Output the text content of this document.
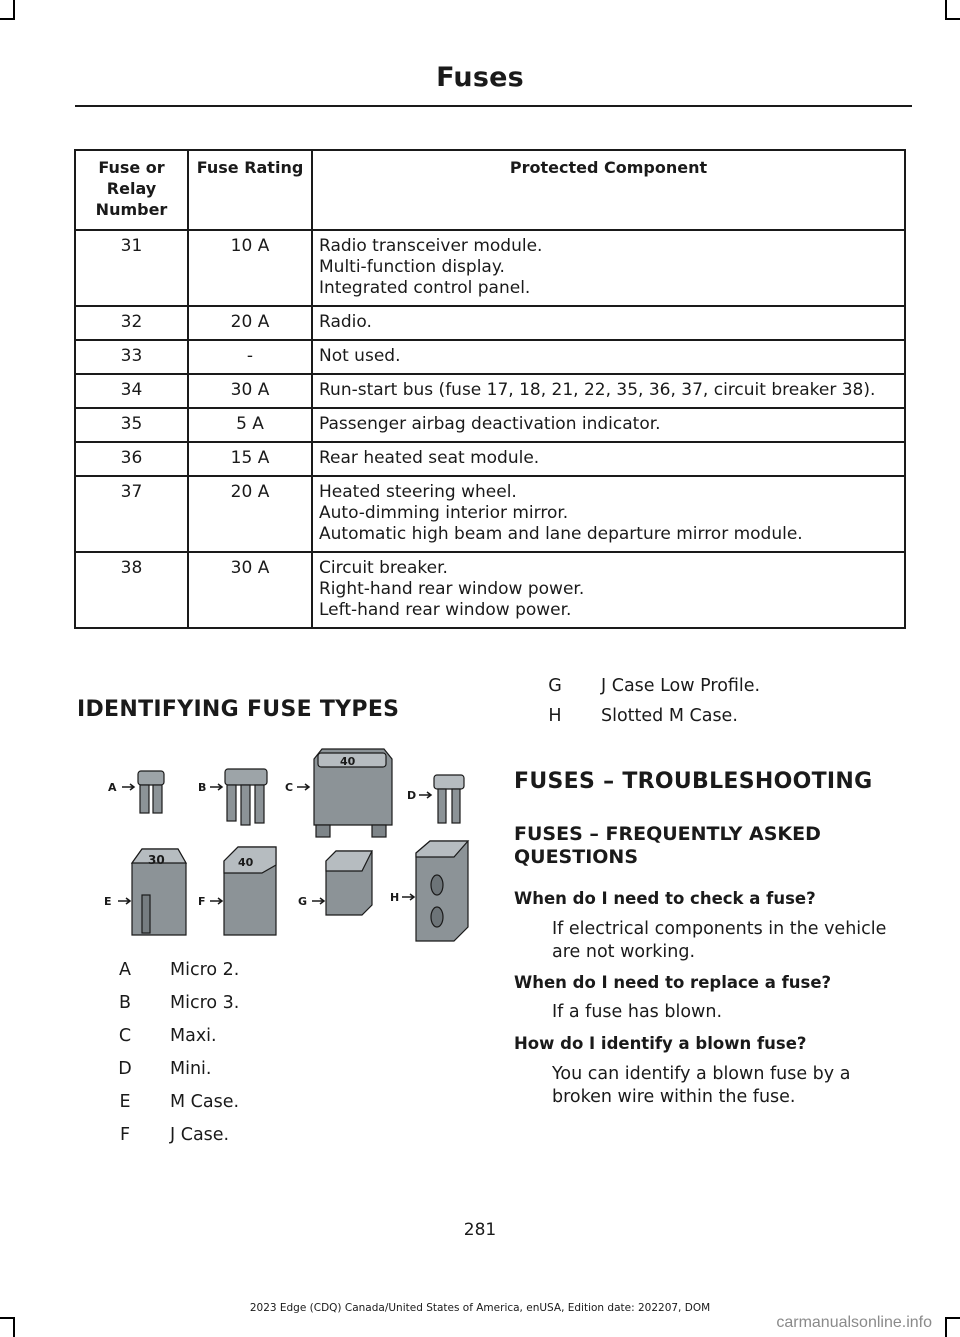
Fuses
Fuse or Relay Number	Fuse Rating	Protected Component
31	10 A	Radio transceiver module.
Multi-function display.
Integrated control panel.

32	20 A	Radio.

33	-	Not used.

34	30 A	Run-start bus (fuse 17, 18, 21, 22, 35, 36, 37, circuit breaker 38).

35	5 A	Passenger airbag deactivation indicator.

36	15 A	Rear heated seat module.

37	20 A	Heated steering wheel.
Auto-dimming interior mirror.
Automatic high beam and lane departure mirror module.

38	30 A	Circuit breaker.
Right-hand rear window power.
Left-hand rear window power.
IDENTIFYING FUSE TYPES
A	B	C
D
E	F	G	H
40
30	40
A Micro 2.
B Micro 3.
C Maxi.
D Mini.
E M Case.
F J Case.
G J Case Low Profile.
H Slotted M Case.
FUSES – TROUBLESHOOTING
FUSES – FREQUENTLY ASKED QUESTIONS
When do I need to check a fuse?
If electrical components in the vehicle are not working.
When do I need to replace a fuse?
If a fuse has blown.
How do I identify a blown fuse?
You can identify a blown fuse by a broken wire within the fuse.
281
2023 Edge (CDQ) Canada/United States of America, enUSA, Edition date: 202207, DOM
carmanualsonline.info
